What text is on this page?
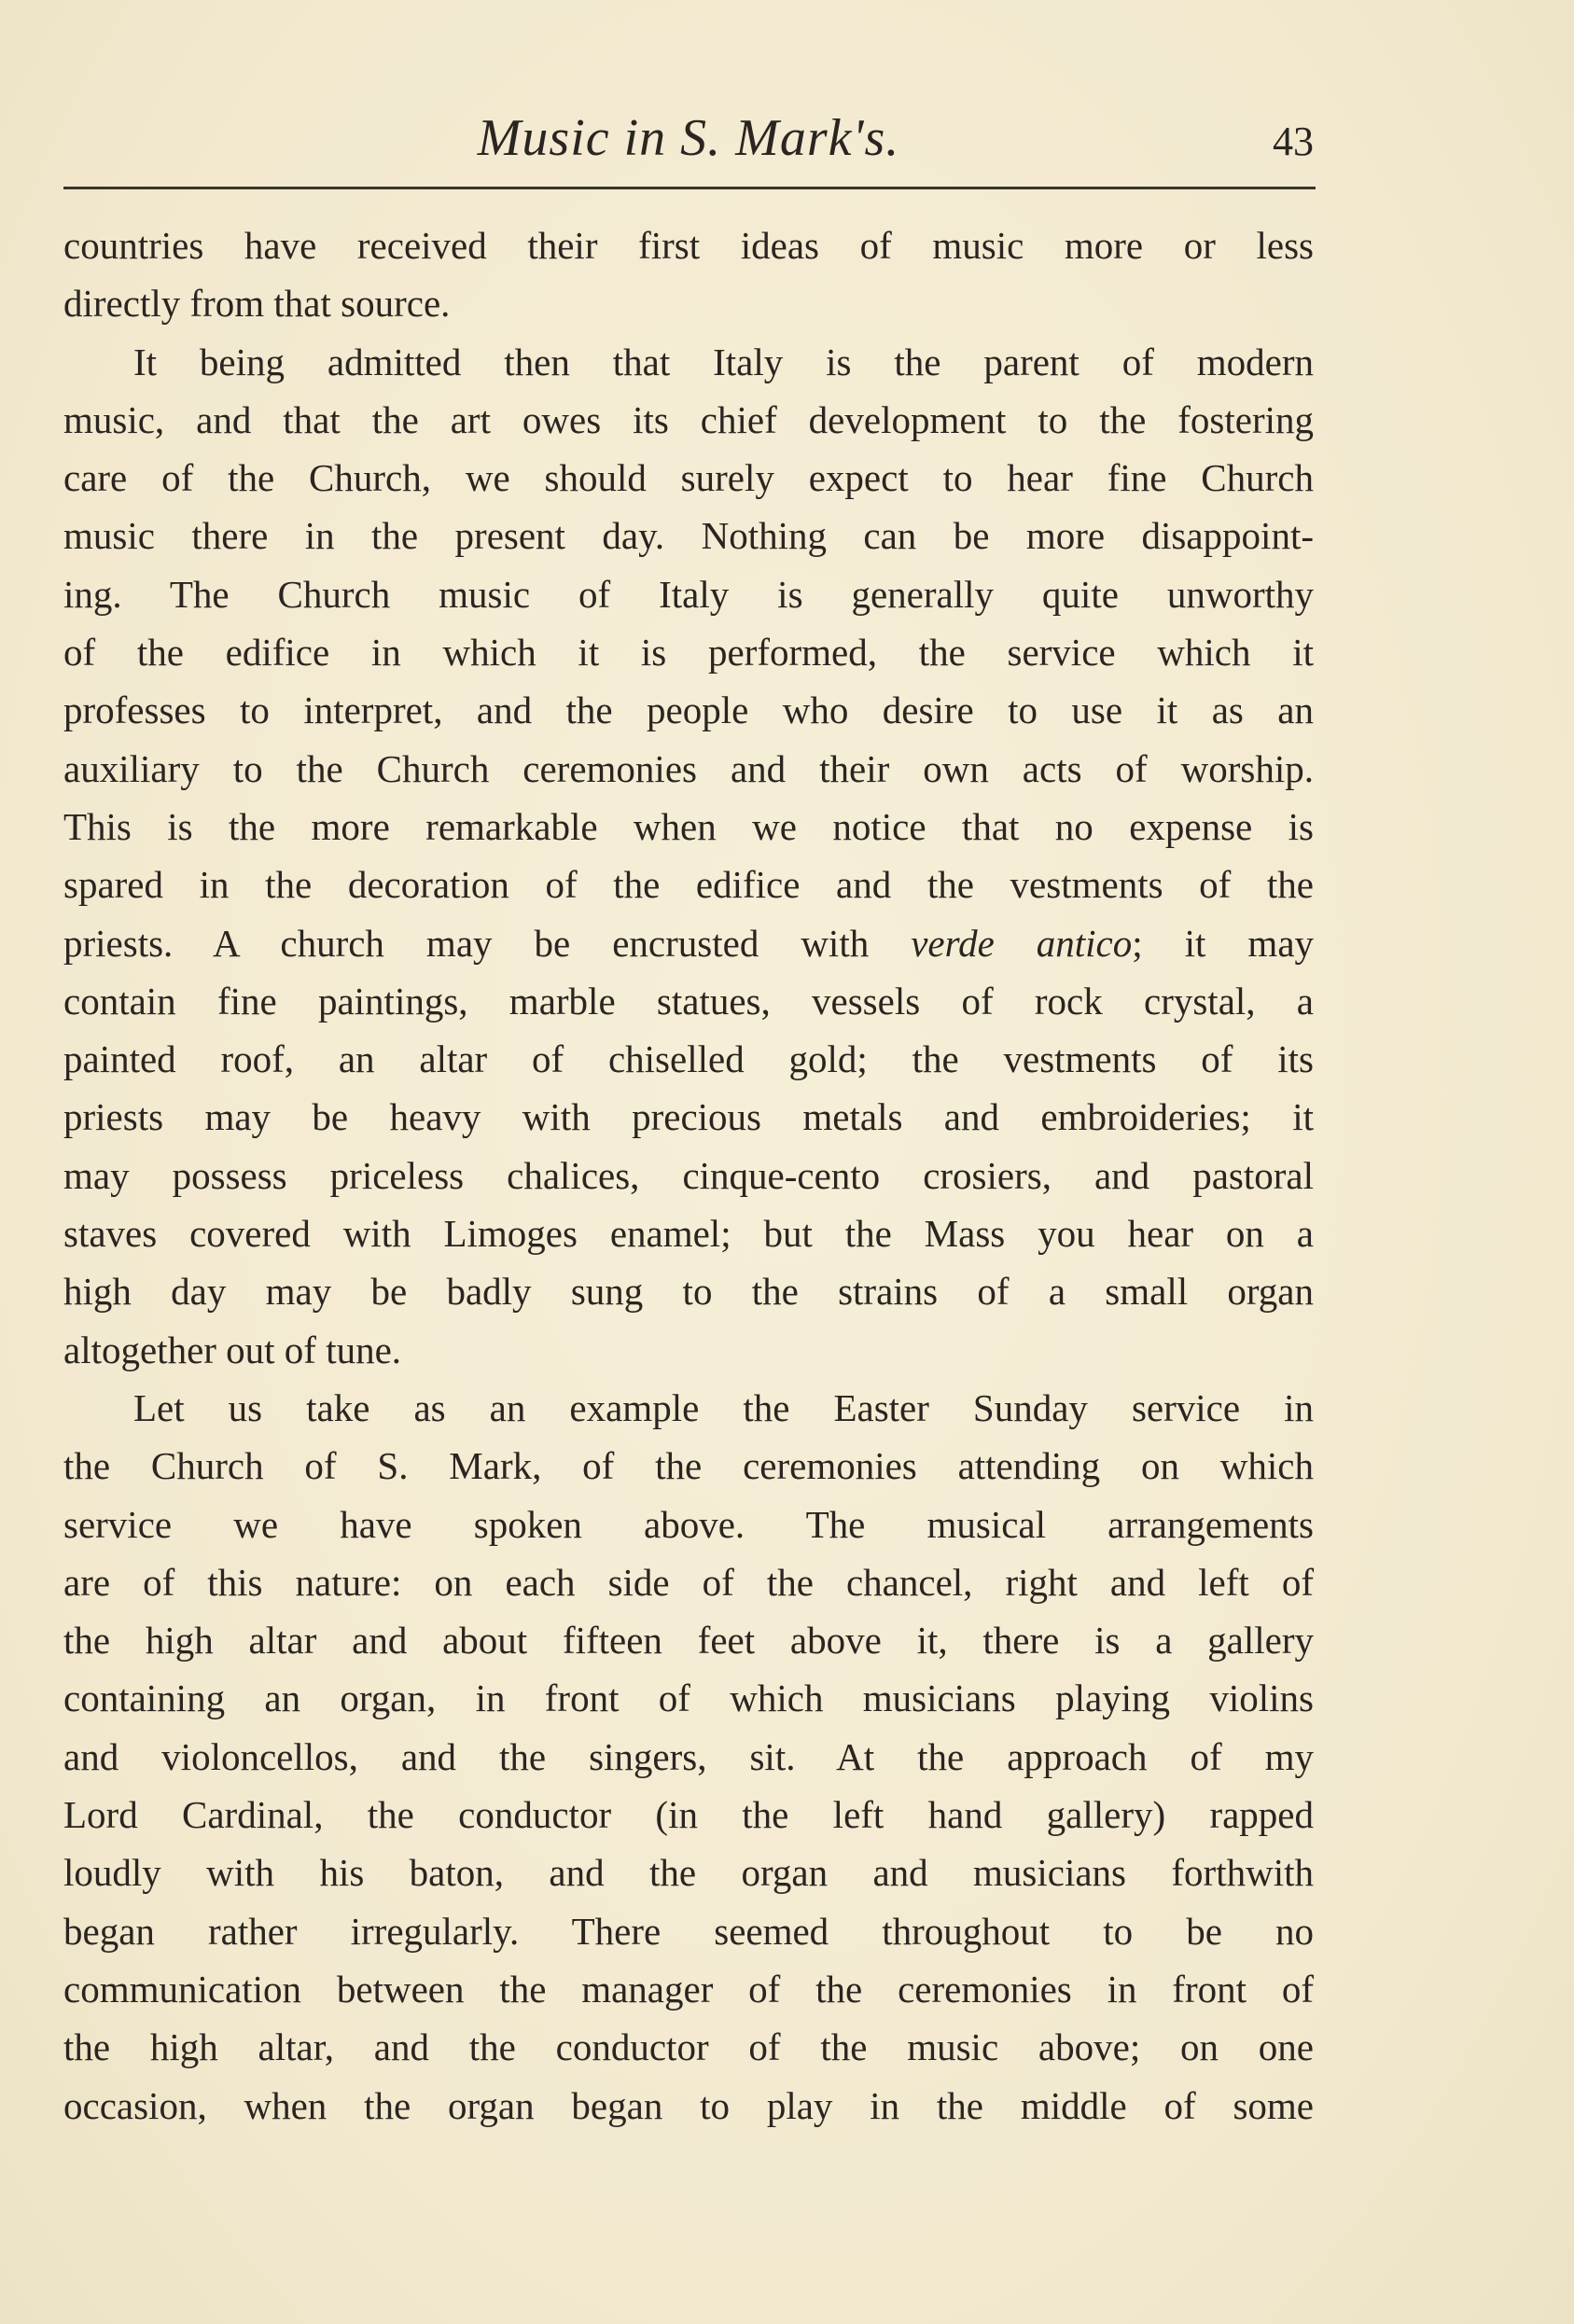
Music in S. Mark's.	43
countries have received their first ideas of music more or less
directly from that source.
It being admitted then that Italy is the parent of modern
music, and that the art owes its chief development to the fostering
care of the Church, we should surely expect to hear fine Church
music there in the present day. Nothing can be more disappoint-
ing. The Church music of Italy is generally quite unworthy
of the edifice in which it is performed, the service which it
professes to interpret, and the people who desire to use it as an
auxiliary to the Church ceremonies and their own acts of worship.
This is the more remarkable when we notice that no expense is
spared in the decoration of the edifice and the vestments of the
priests. A church may be encrusted with verde antico; it may
contain fine paintings, marble statues, vessels of rock crystal, a
painted roof, an altar of chiselled gold; the vestments of its
priests may be heavy with precious metals and embroideries; it
may possess priceless chalices, cinque-cento crosiers, and pastoral
staves covered with Limoges enamel; but the Mass you hear on a
high day may be badly sung to the strains of a small organ
altogether out of tune.
Let us take as an example the Easter Sunday service in
the Church of S. Mark, of the ceremonies attending on which
service we have spoken above. The musical arrangements
are of this nature: on each side of the chancel, right and left of
the high altar and about fifteen feet above it, there is a gallery
containing an organ, in front of which musicians playing violins
and violoncellos, and the singers, sit. At the approach of my
Lord Cardinal, the conductor (in the left hand gallery) rapped
loudly with his baton, and the organ and musicians forthwith
began rather irregularly. There seemed throughout to be no
communication between the manager of the ceremonies in front of
the high altar, and the conductor of the music above; on one
occasion, when the organ began to play in the middle of some
